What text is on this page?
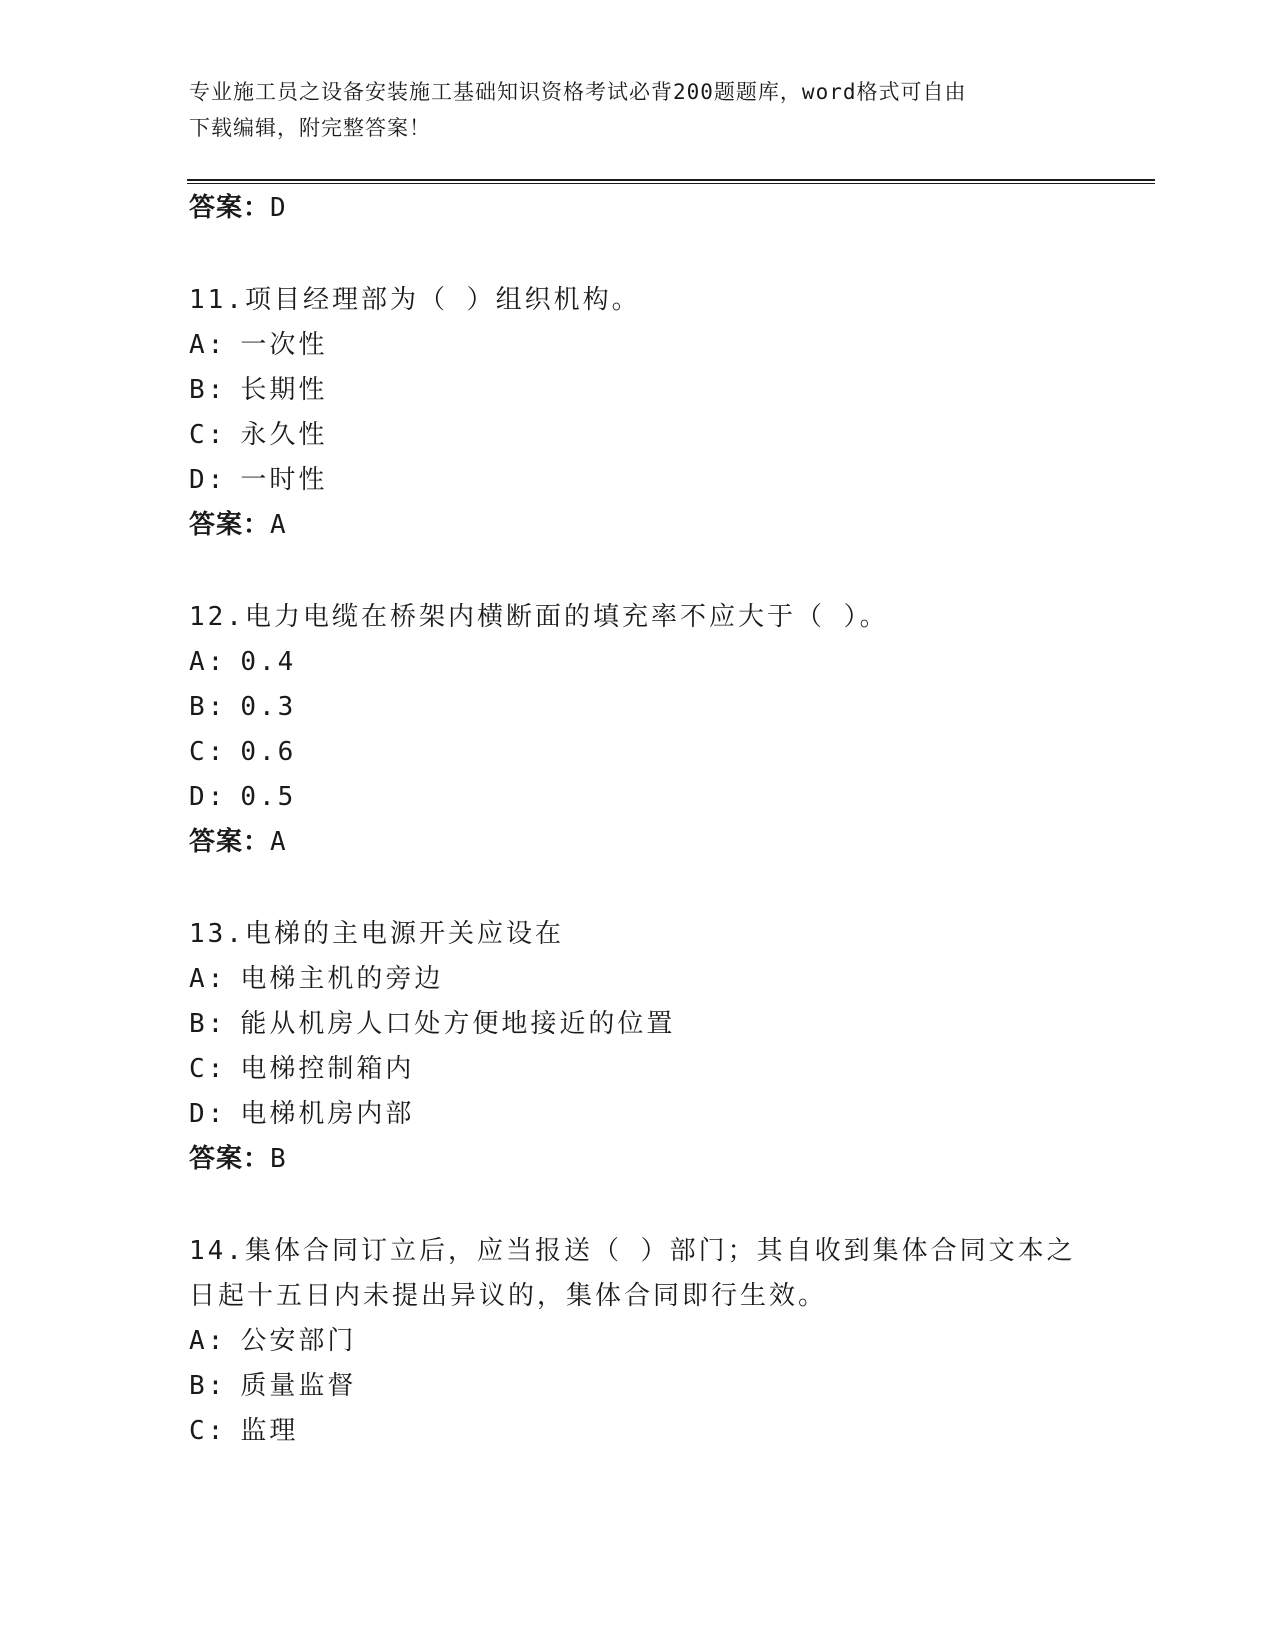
专业施工员之设备安装施工基础知识资格考试必背200题题库，word格式可自由
下载编辑，附完整答案！
答案：D
11.项目经理部为（ ）组织机构。
A: 一次性
B: 长期性
C: 永久性
D: 一时性
答案：A
12.电力电缆在桥架内横断面的填充率不应大于（ ）。
A: 0.4
B: 0.3
C: 0.6
D: 0.5
答案：A
13.电梯的主电源开关应设在
A: 电梯主机的旁边
B: 能从机房人口处方便地接近的位置
C: 电梯控制箱内
D: 电梯机房内部
答案：B
14.集体合同订立后，应当报送（ ）部门；其自收到集体合同文本之
日起十五日内未提出异议的，集体合同即行生效。
A: 公安部门
B: 质量监督
C: 监理
